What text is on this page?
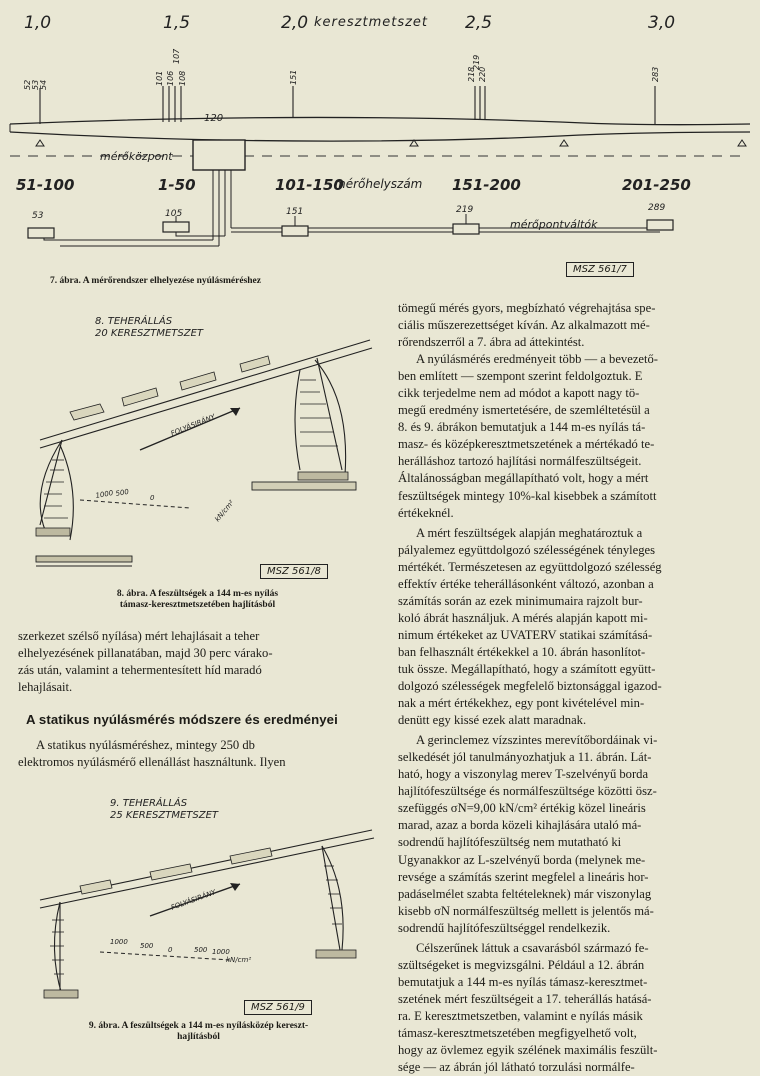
1,0	1,5	2,0 keresztmetszet 2,5	3,0
52 53 54	101 106
107
108	151	218
219
220	283
120
mérőközpont
51-100	1-50	101-150
mérőhelyszám 151-200	201-250
53	105	151	219	289
mérőpontváltók
MSZ 561/7
7. ábra. A mérőrendszer elhelyezése nyúlásméréshez
8. TEHERÁLLÁS
20 KERESZTMETSZET
FOLYÁSIRÁNY
1000 500
0
kN/cm²
MSZ 561/8
8. ábra. A feszültségek a 144 m-es nyílás
támasz-keresztmetszetében hajlításból

szerkezet szélső nyílása) mért lehajlásait a teher
elhelyezésének pillanatában, majd 30 perc várako-
zás után, valamint a tehermentesített híd maradó
lehajlásait.

A statikus nyúlásmérés módszere és eredményei

A statikus nyúlásméréshez, mintegy 250 db
elektromos nyúlásmérő ellenállást használtunk. Ilyen

9. TEHERÁLLÁS
25 KERESZTMETSZET
FOLYÁSIRÁNY
1000 500 0	500 1000
kN/cm²
MSZ 561/9
9. ábra. A feszültségek a 144 m-es nyílásközép kereszt-
hajlításból

tömegű mérés gyors, megbízható végrehajtása spe-
ciális műszerezettséget kíván. Az alkalmazott mé-
rőrendszerről a 7. ábra ad áttekintést.

A nyúlásmérés eredményeit több — a bevezető-
ben említett — szempont szerint feldolgoztuk. E
cikk terjedelme nem ad módot a kapott nagy tö-
megű eredmény ismertetésére, de szemléltetésül a
8. és 9. ábrákon bemutatjuk a 144 m-es nyílás tá-
masz- és középkeresztmetszetének a mértékadó te-
herálláshoz tartozó hajlítási normálfeszültségeit.
Általánosságban megállapítható volt, hogy a mért
feszültségek mintegy 10%-kal kisebbek a számított
értékeknél.

A mért feszültségek alapján meghatároztuk a
pályalemez együttdolgozó szélességének tényleges
mértékét. Természetesen az együttdolgozó szélesség
effektív értéke teherállásonként változó, azonban a
számítás során az ezek minimumaira rajzolt bur-
koló ábrát használjuk. A mérés alapján kapott mi-
nimum értékeket az UVATERV statikai számításá-
ban felhasznált értékekkel a 10. ábrán hasonlítot-
tuk össze. Megállapítható, hogy a számított együtt-
dolgozó szélességek megfelelő biztonsággal igazod-
nak a mért értékekhez, egy pont kivételével min-
denütt egy kissé ezek alatt maradnak.

A gerinclemez vízszintes merevítőbordáinak vi-
selkedését jól tanulmányozhatjuk a 11. ábrán. Lát-
ható, hogy a viszonylag merev T-szelvényű borda
hajlítófeszültsége és normálfeszültsége közötti ösz-
szefüggés σN=9,00 kN/cm² értékig közel lineáris
marad, azaz a borda közeli kihajlására utaló má-
sodrendű hajlítófeszültség nem mutatható ki
Ugyanakkor az L-szelvényű borda (melynek me-
revsége a számítás szerint megfelel a lineáris hor-
padáselmélet szabta feltételeknek) már viszonylag
kisebb σN normálfeszültség mellett is jelentős má-
sodrendű hajlítófeszültséggel rendelkezik.

Célszerűnek láttuk a csavarásból származó fe-
szültségeket is megvizsgálni. Például a 12. ábrán
bemutatjuk a 144 m-es nyílás támasz-keresztmet-
szetének mért feszültségeit a 17. teherállás hatásá-
ra. E keresztmetszetben, valamint e nyílás másik
támasz-keresztmetszetében megfigyelhető volt,
hogy az övlemez egyik szélének maximális feszült-
sége — az ábrán jól látható torzulási normálfe-
